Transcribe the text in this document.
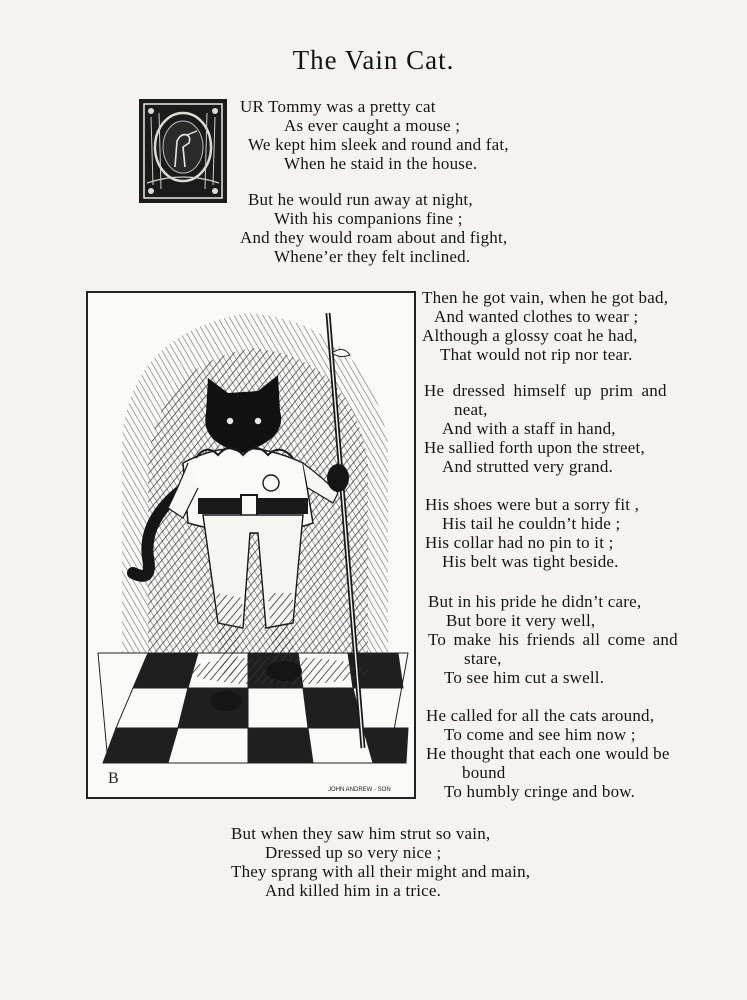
The Vain Cat.
UR Tommy was a pretty cat
As ever caught a mouse ;
We kept him sleek and round and fat,
When he staid in the house.
But he would run away at night,
With his companions fine ;
And they would roam about and fight,
Whene’er they felt inclined.
B
JOHN ANDREW - SON
Then he got vain, when he got bad,
And wanted clothes to wear ;
Although a glossy coat he had,
That would not rip nor tear.
He dressed himself up prim and
neat,
And with a staff in hand,
He sallied forth upon the street,
And strutted very grand.
His shoes were but a sorry fit ,
His tail he couldn’t hide ;
His collar had no pin to it ;
His belt was tight beside.
But in his pride he didn’t care,
But bore it very well,
To make his friends all come and
stare,
To see him cut a swell.
He called for all the cats around,
To come and see him now ;
He thought that each one would be
bound
To humbly cringe and bow.
But when they saw him strut so vain,
Dressed up so very nice ;
They sprang with all their might and main,
And killed him in a trice.
